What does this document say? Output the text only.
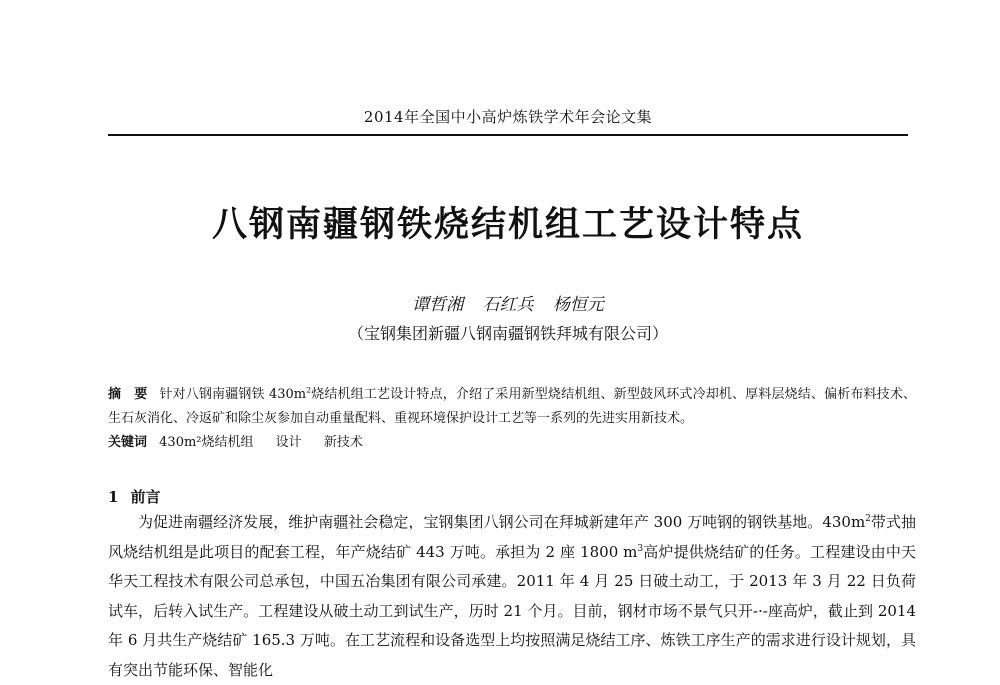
2014年全国中小高炉炼铁学术年会论文集
八钢南疆钢铁烧结机组工艺设计特点
谭哲湘 石红兵 杨恒元
（宝钢集团新疆八钢南疆钢铁拜城有限公司）
摘　要 针对八钢南疆钢铁 $430m^2$烧结机组工艺设计特点，介绍了采用新型烧结机组、新型鼓风环式冷却机、厚料层烧结、偏析布料技术、生石灰消化、冷返矿和除尘灰参加自动重量配料、重视环境保护设计工艺等一系列的先进实用新技术。
关键词 430m²烧结机组 设计 新技术
1 前言
为促进南疆经济发展，维护南疆社会稳定，宝钢集团八钢公司在拜城新建年产 300 万吨钢的钢铁基地。$430m^2$带式抽风烧结机组是此项目的配套工程，年产烧结矿 443 万吨。承担为 2 座 1800 $m^3$高炉提供烧结矿的任务。工程建设由中天华天工程技术有限公司总承包，中国五冶集团有限公司承建。2011 年 4 月 25 日破土动工，于 2013 年 3 月 22 日负荷试车，后转入试生产。工程建设从破土动工到试生产，历时 21 个月。目前，钢材市场不景气只开-·-座高炉，截止到 2014 年 6 月共生产烧结矿 165.3 万吨。在工艺流程和设备选型上均按照满足烧结工序、炼铁工序生产的需求进行设计规划，具有突出节能环保、智能化
